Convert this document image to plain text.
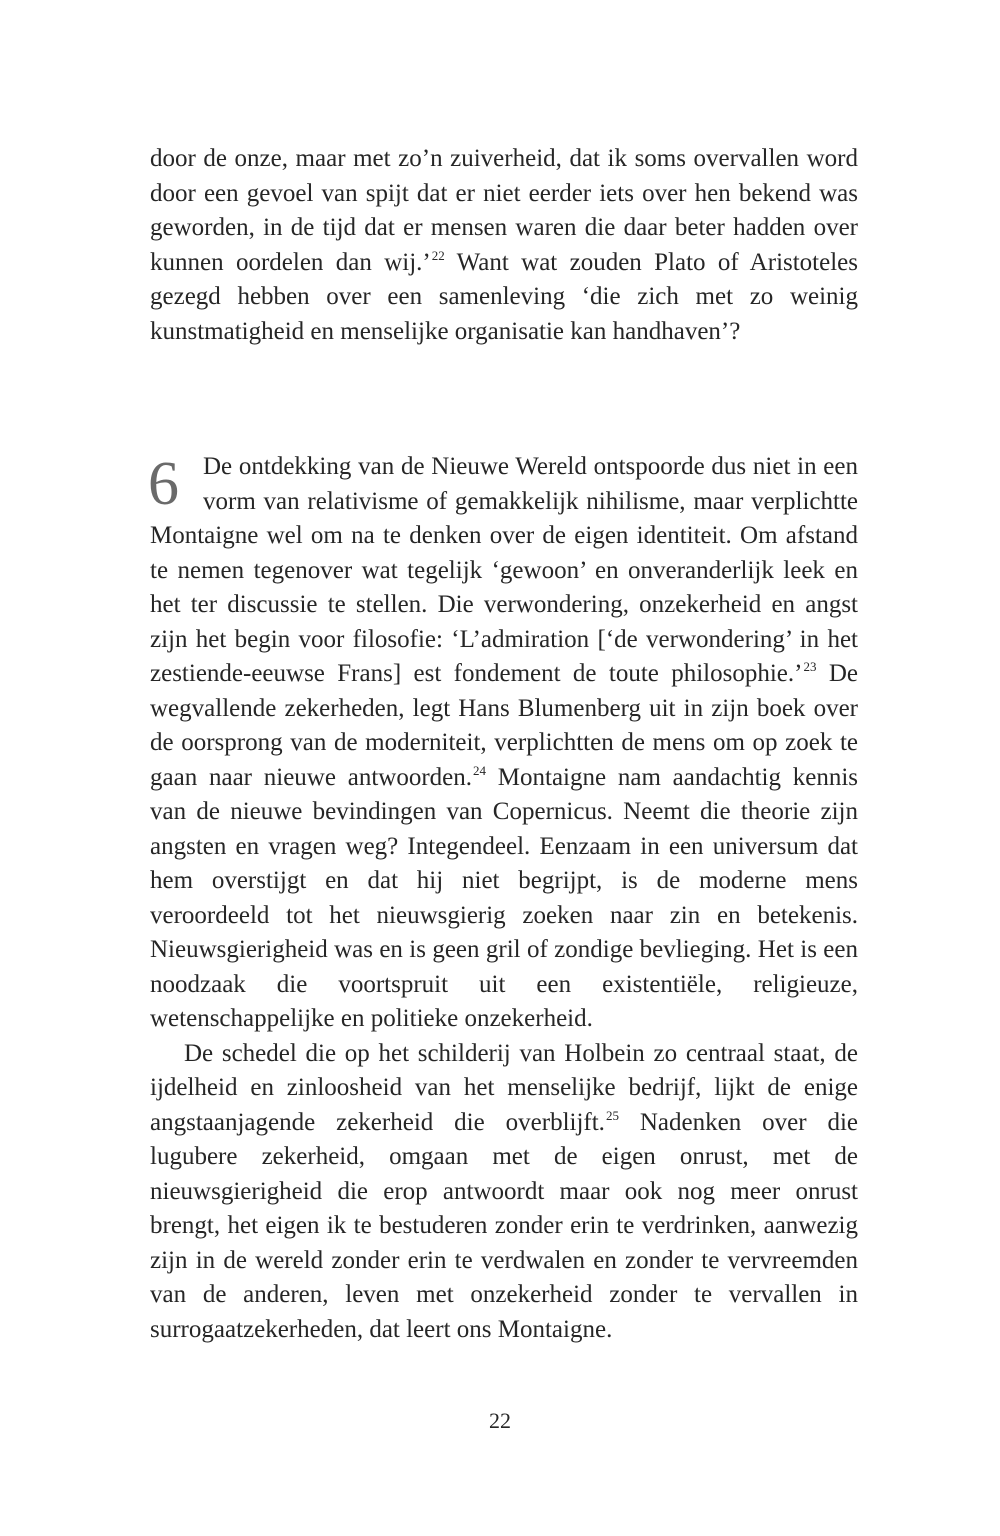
door de onze, maar met zo’n zuiverheid, dat ik soms overvallen word door een gevoel van spijt dat er niet eerder iets over hen bekend was geworden, in de tijd dat er mensen waren die daar beter hadden over kunnen oordelen dan wij.’$^{22}$ Want wat zouden Plato of Aristoteles gezegd hebben over een samenleving ‘die zich met zo weinig kunstmatigheid en menselijke organisatie kan handhaven’?

6 De ontdekking van de Nieuwe Wereld ontspoorde dus niet in een vorm van relativisme of gemakkelijk nihilisme, maar verplichtte Montaigne wel om na te denken over de eigen identiteit. Om afstand te nemen tegenover wat tegelijk ‘gewoon’ en onveranderlijk leek en het ter discussie te stellen. Die verwondering, onzekerheid en angst zijn het begin voor filosofie: ‘L’admiration [‘de verwondering’ in het zestiende-eeuwse Frans] est fondement de toute philosophie.’$^{23}$ De wegvallende zekerheden, legt Hans Blumenberg uit in zijn boek over de oorsprong van de moderniteit, verplichtten de mens om op zoek te gaan naar nieuwe antwoorden.$^{24}$ Montaigne nam aandachtig kennis van de nieuwe bevindingen van Copernicus. Neemt die theorie zijn angsten en vragen weg? Integendeel. Eenzaam in een universum dat hem overstijgt en dat hij niet begrijpt, is de moderne mens veroordeeld tot het nieuwsgierig zoeken naar zin en betekenis. Nieuwsgierigheid was en is geen gril of zondige bevlieging. Het is een noodzaak die voortspruit uit een existentiële, religieuze, wetenschappelijke en politieke onzekerheid.

De schedel die op het schilderij van Holbein zo centraal staat, de ijdelheid en zinloosheid van het menselijke bedrijf, lijkt de enige angstaanjagende zekerheid die overblijft.$^{25}$ Nadenken over die lugubere zekerheid, omgaan met de eigen onrust, met de nieuwsgierigheid die erop antwoordt maar ook nog meer onrust brengt, het eigen ik te bestuderen zonder erin te verdrinken, aanwezig zijn in de wereld zonder erin te verdwalen en zonder te vervreemden van de anderen, leven met onzekerheid zonder te vervallen in surrogaatzekerheden, dat leert ons Montaigne.

22
